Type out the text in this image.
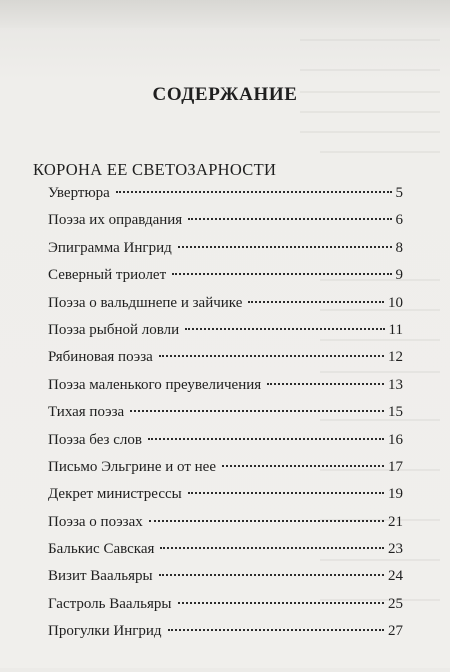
СОДЕРЖАНИЕ
КОРОНА ЕЕ СВЕТОЗАРНОСТИ
Увертюра	5
Поэза их оправдания	6
Эпиграмма Ингрид	8
Северный триолет	9
Поэза о вальдшнепе и зайчике	10
Поэза рыбной ловли	11
Рябиновая поэза	12
Поэза маленького преувеличения	13
Тихая поэза	15
Поэза без слов	16
Письмо Эльгрине и от нее	17
Декрет министрессы	19
Поэза о поэзах	21
Балькис Савская	23
Визит Ваальяры	24
Гастроль Ваальяры	25
Прогулки Ингрид	27
